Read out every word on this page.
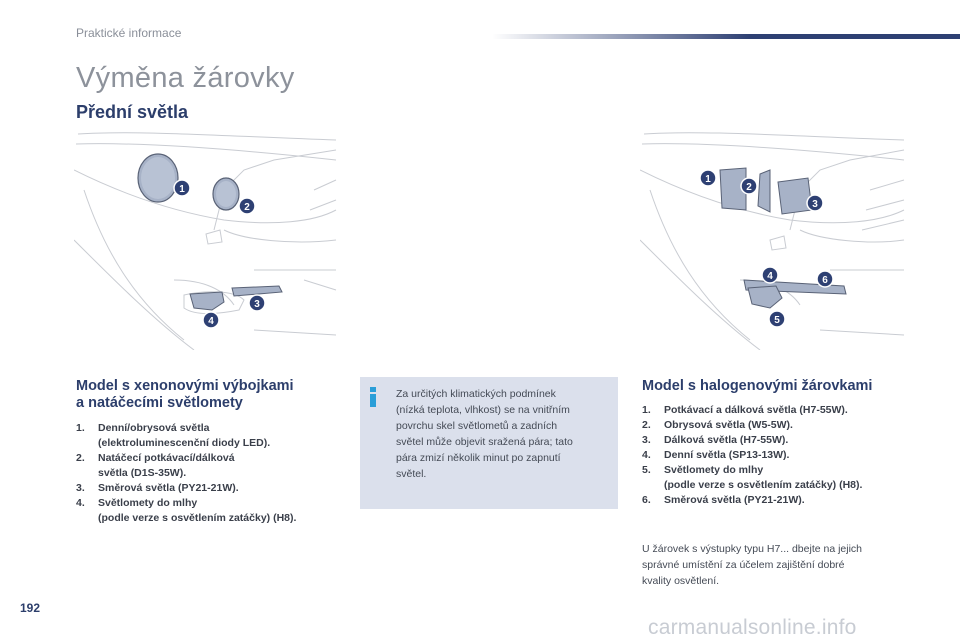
Praktické informace
Výměna žárovky
Přední světla
1
2
3
4
1
2
3
4
5
6
Model s xenonovými výbojkami
a natáčecími světlomety
1. Denní/obrysová světla
(elektroluminescenční diody LED).
2. Natáčecí potkávací/dálková
světla (D1S-35W).
3. Směrová světla (PY21-21W).
4. Světlomety do mlhy
(podle verze s osvětlením zatáčky) (H8).
Za určitých klimatických podmínek
(nízká teplota, vlhkost) se na vnitřním
povrchu skel světlometů a zadních
světel může objevit sražená pára; tato
pára zmizí několik minut po zapnutí
světel.
Model s halogenovými žárovkami
1. Potkávací a dálková světla (H7-55W).
2. Obrysová světla (W5-5W).
3. Dálková světla (H7-55W).
4. Denní světla (SP13-13W).
5. Světlomety do mlhy
(podle verze s osvětlením zatáčky) (H8).
6. Směrová světla (PY21-21W).
U žárovek s výstupky typu H7... dbejte na jejich
správné umístění za účelem zajištění dobré
kvality osvětlení.
192
carmanualsonline.info
